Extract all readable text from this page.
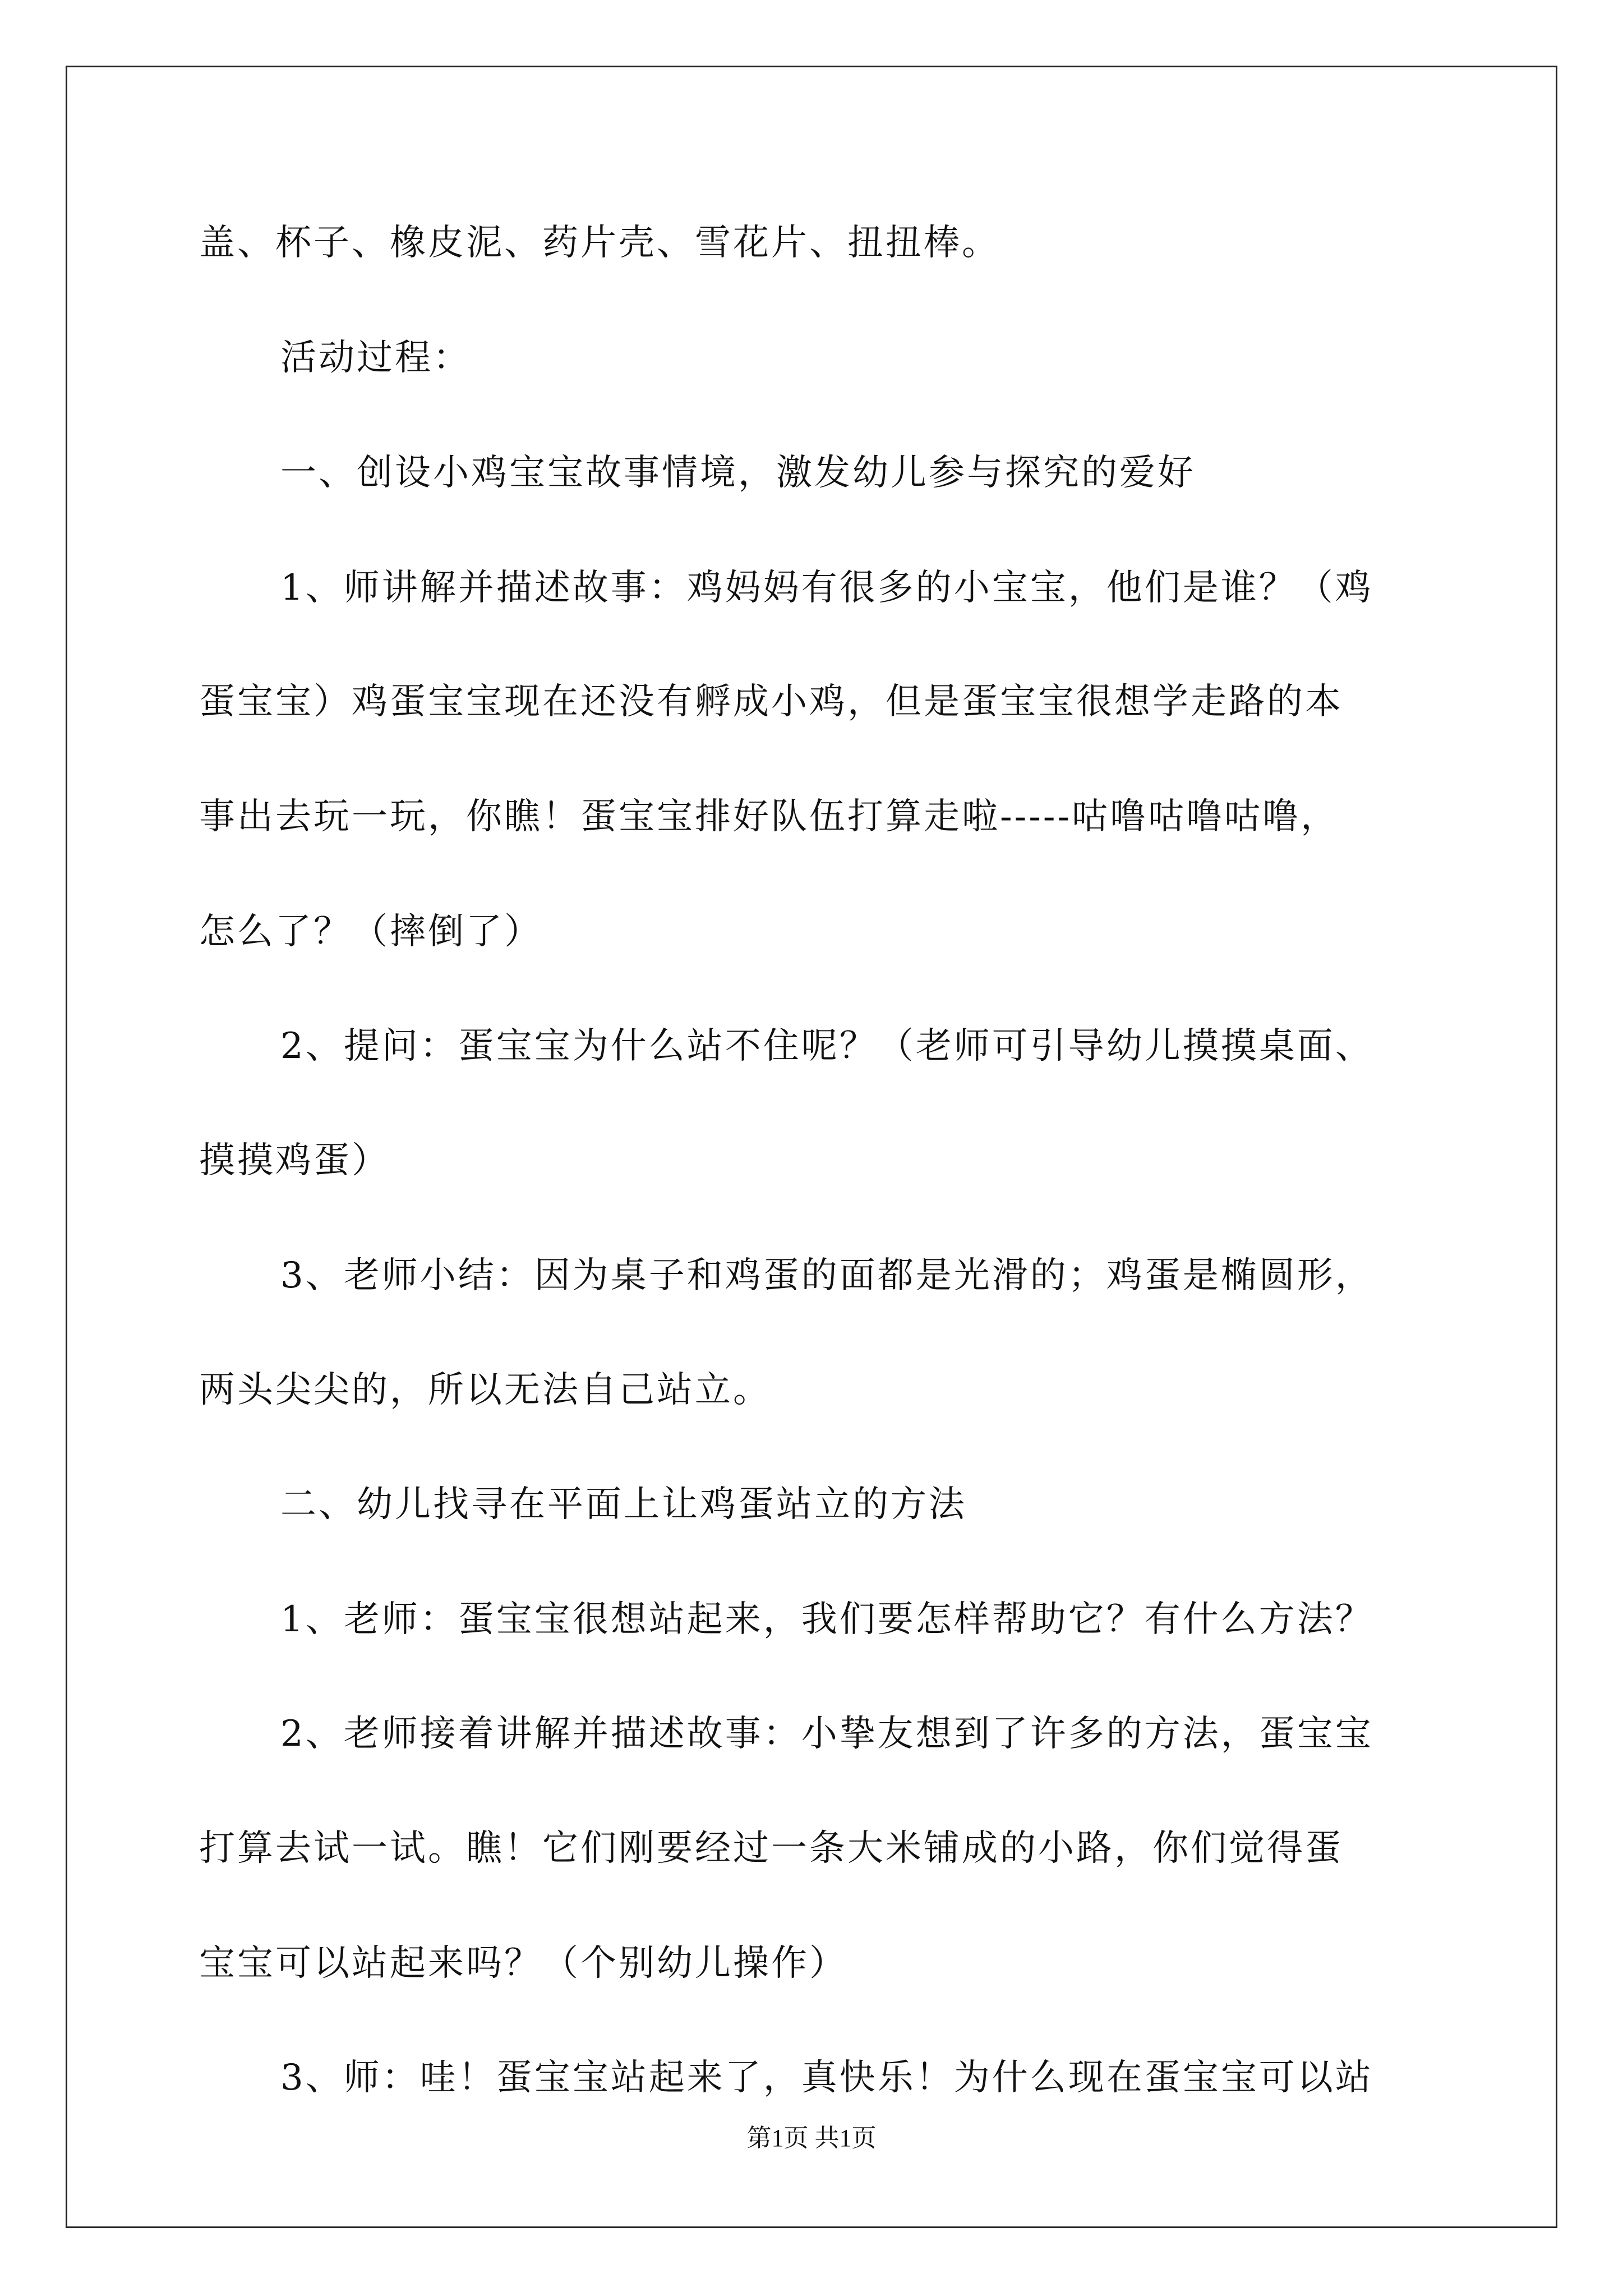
盖、杯子、橡皮泥、药片壳、雪花片、扭扭棒。
活动过程：
一、创设小鸡宝宝故事情境，激发幼儿参与探究的爱好
1、师讲解并描述故事：鸡妈妈有很多的小宝宝，他们是谁？（鸡
蛋宝宝）鸡蛋宝宝现在还没有孵成小鸡，但是蛋宝宝很想学走路的本
事出去玩一玩，你瞧！蛋宝宝排好队伍打算走啦-----咕噜咕噜咕噜，
怎么了？（摔倒了）
2、提问：蛋宝宝为什么站不住呢？（老师可引导幼儿摸摸桌面、
摸摸鸡蛋）
3、老师小结：因为桌子和鸡蛋的面都是光滑的；鸡蛋是椭圆形，
两头尖尖的，所以无法自己站立。
二、幼儿找寻在平面上让鸡蛋站立的方法
1、老师：蛋宝宝很想站起来，我们要怎样帮助它？有什么方法？
2、老师接着讲解并描述故事：小挚友想到了许多的方法，蛋宝宝
打算去试一试。瞧！它们刚要经过一条大米铺成的小路，你们觉得蛋
宝宝可以站起来吗？（个别幼儿操作）
3、师：哇！蛋宝宝站起来了，真快乐！为什么现在蛋宝宝可以站
第1页 共1页
